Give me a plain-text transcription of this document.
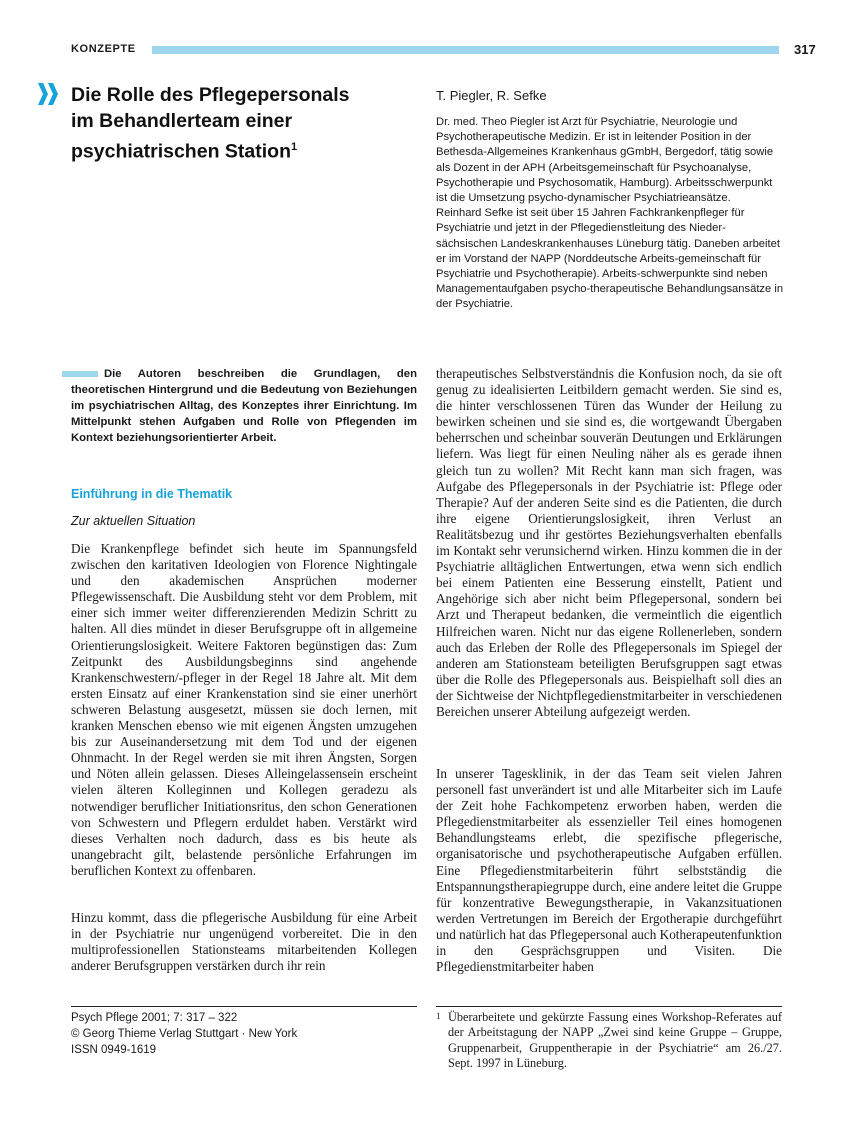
KONZEPTE	317
Die Rolle des Pflegepersonals
im Behandlerteam einer
psychiatrischen Station$^1$
T. Piegler, R. Sefke

Dr. med. Theo Piegler ist Arzt für Psychiatrie, Neurologie und Psychotherapeutische Medizin. Er ist in leitender Position in der Bethesda-Allgemeines Krankenhaus gGmbH, Bergedorf, tätig sowie als Dozent in der APH (Arbeitsgemeinschaft für Psychoanalyse, Psychotherapie und Psychosomatik, Hamburg). Arbeitsschwerpunkt ist die Umsetzung psycho-dynamischer Psychiatrieansätze.

Reinhard Sefke ist seit über 15 Jahren Fachkrankenpfleger für Psychiatrie und jetzt in der Pflegedienstleitung des Nieder-sächsischen Landeskrankenhauses Lüneburg tätig. Daneben arbeitet er im Vorstand der NAPP (Norddeutsche Arbeits-gemeinschaft für Psychiatrie und Psychotherapie). Arbeits-schwerpunkte sind neben Managementaufgaben psycho-therapeutische Behandlungsansätze in der Psychiatrie.

Die Autoren beschreiben die Grundlagen, den theoretischen Hintergrund und die Bedeutung von Beziehungen im psychiatrischen Alltag, des Konzeptes ihrer Einrichtung. Im Mittelpunkt stehen Aufgaben und Rolle von Pflegenden im Kontext beziehungsorientierter Arbeit.
Einführung in die Thematik
Zur aktuellen Situation

Die Krankenpflege befindet sich heute im Spannungsfeld zwischen den karitativen Ideologien von Florence Nightingale und den akademischen Ansprüchen moderner Pflegewissenschaft. Die Ausbildung steht vor dem Problem, mit einer sich immer weiter differenzierenden Medizin Schritt zu halten. All dies mündet in dieser Berufsgruppe oft in allgemeine Orientierungslosigkeit. Weitere Faktoren begünstigen das: Zum Zeitpunkt des Ausbildungsbeginns sind angehende Krankenschwestern/-pfleger in der Regel 18 Jahre alt. Mit dem ersten Einsatz auf einer Krankenstation sind sie einer unerhört schweren Belastung ausgesetzt, müssen sie doch lernen, mit kranken Menschen ebenso wie mit eigenen Ängsten umzugehen bis zur Auseinandersetzung mit dem Tod und der eigenen Ohnmacht. In der Regel werden sie mit ihren Ängsten, Sorgen und Nöten allein gelassen. Dieses Alleingelassensein erscheint vielen älteren Kolleginnen und Kollegen geradezu als notwendiger beruflicher Initiationsritus, den schon Generationen von Schwestern und Pflegern erduldet haben. Verstärkt wird dieses Verhalten noch dadurch, dass es bis heute als unangebracht gilt, belastende persönliche Erfahrungen im beruflichen Kontext zu offenbaren.

Hinzu kommt, dass die pflegerische Ausbildung für eine Arbeit in der Psychiatrie nur ungenügend vorbereitet. Die in den multiprofessionellen Stationsteams mitarbeitenden Kollegen anderer Berufsgruppen verstärken durch ihr rein

therapeutisches Selbstverständnis die Konfusion noch, da sie oft genug zu idealisierten Leitbildern gemacht werden. Sie sind es, die hinter verschlossenen Türen das Wunder der Heilung zu bewirken scheinen und sie sind es, die wortgewandt Übergaben beherrschen und scheinbar souverän Deutungen und Erklärungen liefern. Was liegt für einen Neuling näher als es gerade ihnen gleich tun zu wollen? Mit Recht kann man sich fragen, was Aufgabe des Pflegepersonals in der Psychiatrie ist: Pflege oder Therapie? Auf der anderen Seite sind es die Patienten, die durch ihre eigene Orientierungslosigkeit, ihren Verlust an Realitätsbezug und ihr gestörtes Beziehungsverhalten ebenfalls im Kontakt sehr verunsichernd wirken. Hinzu kommen die in der Psychiatrie alltäglichen Entwertungen, etwa wenn sich endlich bei einem Patienten eine Besserung einstellt, Patient und Angehörige sich aber nicht beim Pflegepersonal, sondern bei Arzt und Therapeut bedanken, die vermeintlich die eigentlich Hilfreichen waren. Nicht nur das eigene Rollenerleben, sondern auch das Erleben der Rolle des Pflegepersonals im Spiegel der anderen am Stationsteam beteiligten Berufsgruppen sagt etwas über die Rolle des Pflegepersonals aus. Beispielhaft soll dies an der Sichtweise der Nichtpflegedienstmitarbeiter in verschiedenen Bereichen unserer Abteilung aufgezeigt werden.

In unserer Tagesklinik, in der das Team seit vielen Jahren personell fast unverändert ist und alle Mitarbeiter sich im Laufe der Zeit hohe Fachkompetenz erworben haben, werden die Pflegedienstmitarbeiter als essenzieller Teil eines homogenen Behandlungsteams erlebt, die spezifische pflegerische, organisatorische und psychotherapeutische Aufgaben erfüllen. Eine Pflegedienstmitarbeiterin führt selbstständig die Entspannungstherapiegruppe durch, eine andere leitet die Gruppe für konzentrative Bewegungstherapie, in Vakanzsituationen werden Vertretungen im Bereich der Ergotherapie durchgeführt und natürlich hat das Pflegepersonal auch Kotherapeutenfunktion in den Gesprächsgruppen und Visiten. Die Pflegedienstmitarbeiter haben

Psych Pflege 2001; 7: 317 – 322
© Georg Thieme Verlag Stuttgart · New York
ISSN 0949-1619
1 Überarbeitete und gekürzte Fassung eines Workshop-Referates auf der Arbeitstagung der NAPP „Zwei sind keine Gruppe – Gruppe, Gruppenarbeit, Gruppentherapie in der Psychiatrie“ am 26./27. Sept. 1997 in Lüneburg.
